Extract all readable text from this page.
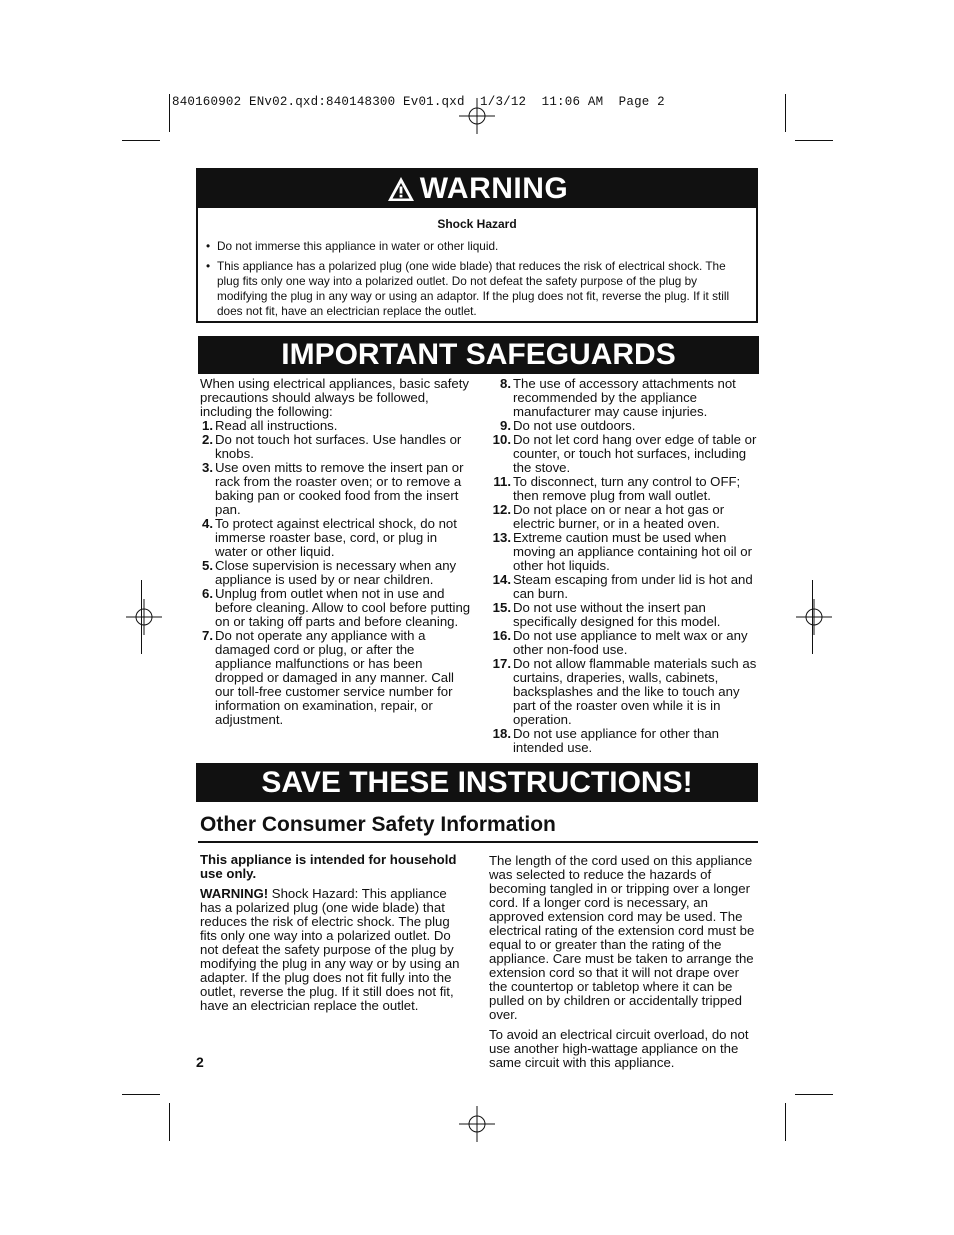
840160902 ENv02.qxd:840148300 Ev01.qxd  1/3/12  11:06 AM  Page 2
WARNING
Shock Hazard
• Do not immerse this appliance in water or other liquid.
• This appliance has a polarized plug (one wide blade) that reduces the risk of electrical shock. The plug fits only one way into a polarized outlet. Do not defeat the safety purpose of the plug by modifying the plug in any way or using an adaptor. If the plug does not fit, reverse the plug. If it still does not fit, have an electrician replace the outlet.
IMPORTANT SAFEGUARDS

When using electrical appliances, basic safety precautions should always be followed, including the following:

1. Read all instructions.
2. Do not touch hot surfaces. Use handles or knobs.
3. Use oven mitts to remove the insert pan or rack from the roaster oven; or to remove a baking pan or cooked food from the insert pan.
4. To protect against electrical shock, do not immerse roaster base, cord, or plug in water or other liquid.
5. Close supervision is necessary when any appliance is used by or near children.
6. Unplug from outlet when not in use and before cleaning. Allow to cool before putting on or taking off parts and before cleaning.
7. Do not operate any appliance with a damaged cord or plug, or after the appliance malfunctions or has been dropped or damaged in any manner. Call our toll-free customer service number for information on examination, repair, or adjustment.
8. The use of accessory attachments not recommended by the appliance manufacturer may cause injuries.
9. Do not use outdoors.
10. Do not let cord hang over edge of table or counter, or touch hot surfaces, including the stove.
11. To disconnect, turn any control to OFF; then remove plug from wall outlet.
12. Do not place on or near a hot gas or electric burner, or in a heated oven.
13. Extreme caution must be used when moving an appliance containing hot oil or other hot liquids.
14. Steam escaping from under lid is hot and can burn.
15. Do not use without the insert pan specifically designed for this model.
16. Do not use appliance to melt wax or any other non-food use.
17. Do not allow flammable materials such as curtains, draperies, walls, cabinets, backsplashes and the like to touch any part of the roaster oven while it is in operation.
18. Do not use appliance for other than intended use.
SAVE THESE INSTRUCTIONS!
Other Consumer Safety Information

This appliance is intended for household use only.

WARNING! Shock Hazard: This appliance has a polarized plug (one wide blade) that reduces the risk of electric shock. The plug fits only one way into a polarized outlet. Do not defeat the safety purpose of the plug by modifying the plug in any way or by using an adapter. If the plug does not fit fully into the outlet, reverse the plug. If it still does not fit, have an electrician replace the outlet.

The length of the cord used on this appliance was selected to reduce the hazards of becoming tangled in or tripping over a longer cord. If a longer cord is necessary, an approved extension cord may be used. The electrical rating of the extension cord must be equal to or greater than the rating of the appliance. Care must be taken to arrange the extension cord so that it will not drape over the countertop or tabletop where it can be pulled on by children or accidentally tripped over.

To avoid an electrical circuit overload, do not use another high-wattage appliance on the same circuit with this appliance.

2
